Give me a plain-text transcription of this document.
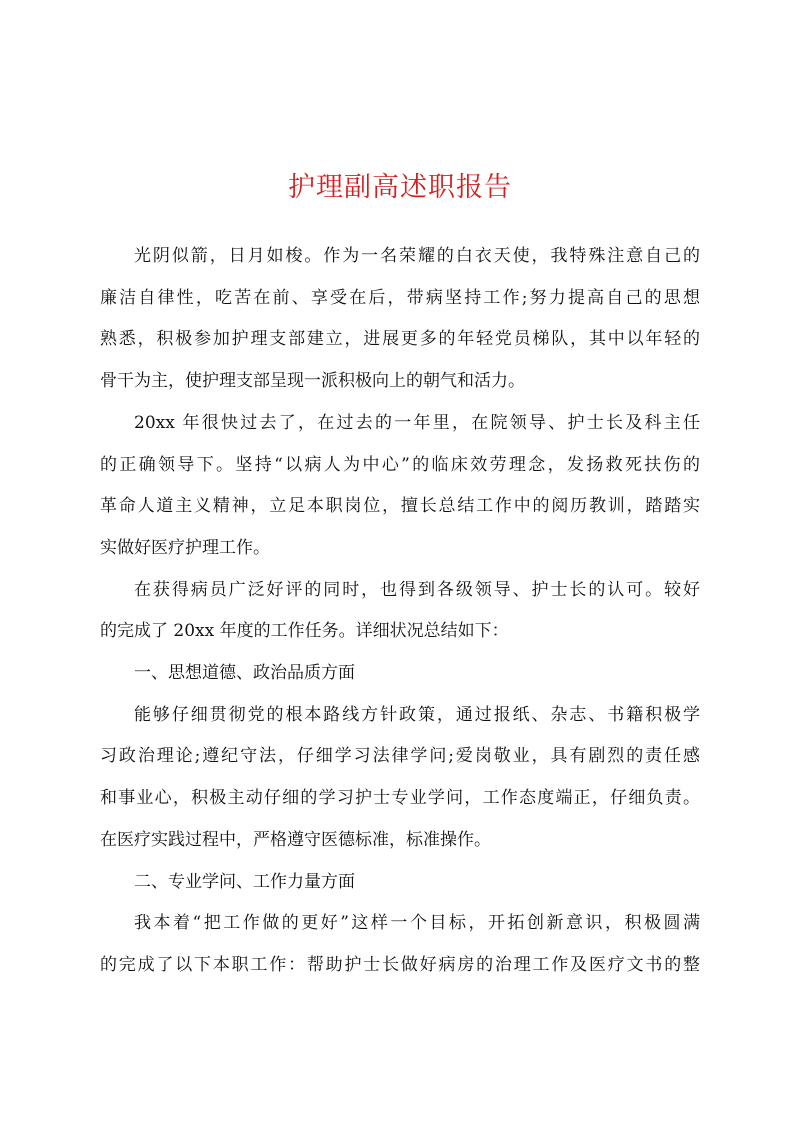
护理副高述职报告
光阴似箭，日月如梭。作为一名荣耀的白衣天使，我特殊注意自己的
廉洁自律性，吃苦在前、享受在后，带病坚持工作;努力提高自己的思想
熟悉，积极参加护理支部建立，进展更多的年轻党员梯队，其中以年轻的
骨干为主，使护理支部呈现一派积极向上的朝气和活力。
20xx 年很快过去了，在过去的一年里，在院领导、护士长及科主任
的正确领导下。坚持“以病人为中心”的临床效劳理念，发扬救死扶伤的
革命人道主义精神，立足本职岗位，擅长总结工作中的阅历教训，踏踏实
实做好医疗护理工作。
在获得病员广泛好评的同时，也得到各级领导、护士长的认可。较好
的完成了 20xx 年度的工作任务。详细状况总结如下：
一、思想道德、政治品质方面
能够仔细贯彻党的根本路线方针政策，通过报纸、杂志、书籍积极学
习政治理论;遵纪守法，仔细学习法律学问;爱岗敬业，具有剧烈的责任感
和事业心，积极主动仔细的学习护士专业学问，工作态度端正，仔细负责。
在医疗实践过程中，严格遵守医德标准，标准操作。
二、专业学问、工作力量方面
我本着“把工作做的更好”这样一个目标，开拓创新意识，积极圆满
的完成了以下本职工作：帮助护士长做好病房的治理工作及医疗文书的整
